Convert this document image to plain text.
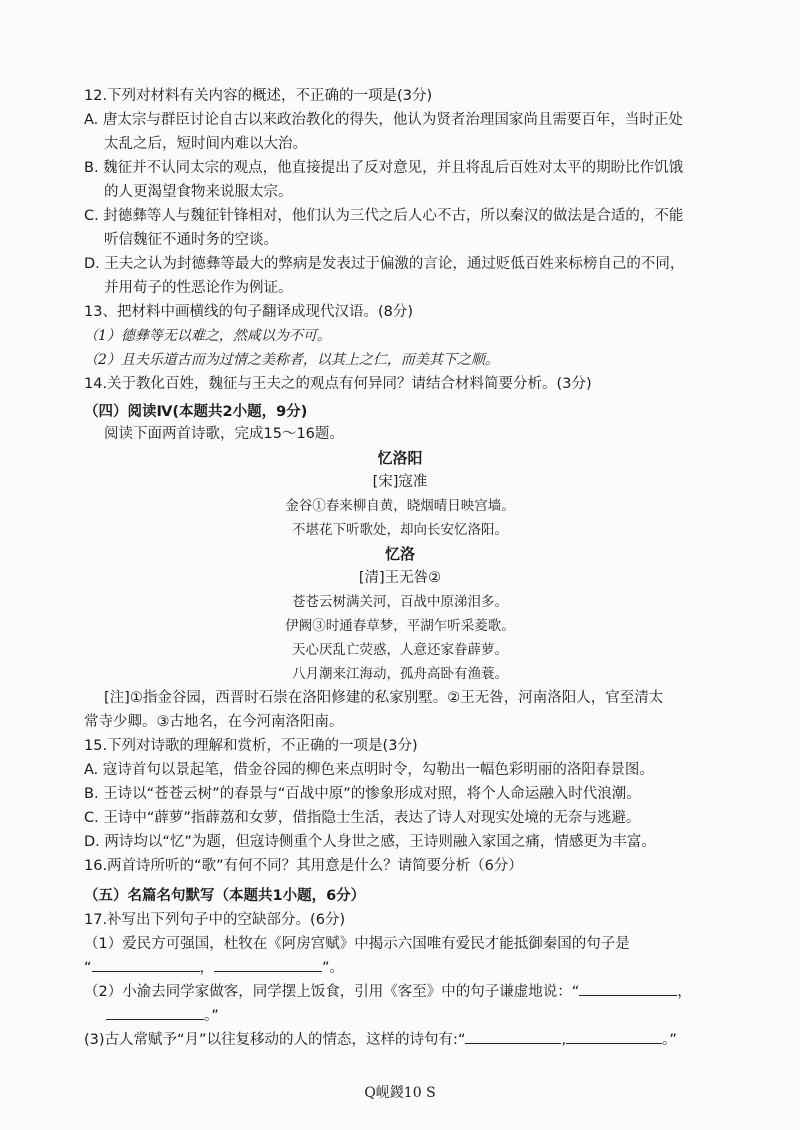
12.下列对材料有关内容的概述，不正确的一项是(3分)
A. 唐太宗与群臣讨论自古以来政治教化的得失，他认为贤者治理国家尚且需要百年，当时正处
太乱之后，短时间内难以大治。
B. 魏征并不认同太宗的观点，他直接提出了反对意见，并且将乱后百姓对太平的期盼比作饥饿
的人更渴望食物来说服太宗。
C. 封德彝等人与魏征针锋相对，他们认为三代之后人心不古，所以秦汉的做法是合适的，不能
听信魏征不通时务的空谈。
D. 王夫之认为封德彝等最大的弊病是发表过于偏激的言论，通过贬低百姓来标榜自己的不同，
并用荀子的性恶论作为例证。
13、把材料中画横线的句子翻译成现代汉语。(8分)
（1）德彝等无以难之，然咸以为不可。
（2）且夫乐道古而为过情之美称者，以其上之仁，而美其下之顺。
14.关于教化百姓，魏征与王夫之的观点有何异同？请结合材料简要分析。(3分)
（四）阅读Ⅳ(本题共2小题，9分)
阅读下面两首诗歌，完成15～16题。
忆洛阳
[宋]寇准
金谷①春来柳自黄，晓烟晴日映宫墙。
不堪花下听歌处，却向长安忆洛阳。
忆洛
[清]王无咎②
苍苍云树满关河，百战中原涕泪多。
伊阙③时通春草梦，平湖乍听采菱歌。
天心厌乱亡荧惑，人意还家眷薜萝。
八月潮来江海动，孤舟高卧有渔蓑。
[注]①指金谷园，西晋时石崇在洛阳修建的私家别墅。②王无咎，河南洛阳人，官至清太
常寺少卿。③古地名，在今河南洛阳南。
15.下列对诗歌的理解和赏析，不正确的一项是(3分)
A. 寇诗首句以景起笔，借金谷园的柳色来点明时令，勾勒出一幅色彩明丽的洛阳春景图。
B. 王诗以“苍苍云树”的春景与“百战中原”的惨象形成对照，将个人命运融入时代浪潮。
C. 王诗中“薜萝”指薜荔和女萝，借指隐士生活，表达了诗人对现实处境的无奈与逃避。
D. 两诗均以“忆”为题，但寇诗侧重个人身世之感，王诗则融入家国之痛，情感更为丰富。
16.两首诗所听的“歌”有何不同？其用意是什么？请简要分析（6分）
（五）名篇名句默写（本题共1小题，6分）
17.补写出下列句子中的空缺部分。(6分)
（1）爱民方可强国，杜牧在《阿房宫赋》中揭示六国唯有爱民才能抵御秦国的句子是
“	，	”。
（2）小渝去同学家做客，同学摆上饭食，引用《客至》中的句子谦虚地说：“	，
。”
(3)古人常赋予“月”以往复移动的人的情态，这样的诗句有:“	,	。”
Q岘鍐10 S
